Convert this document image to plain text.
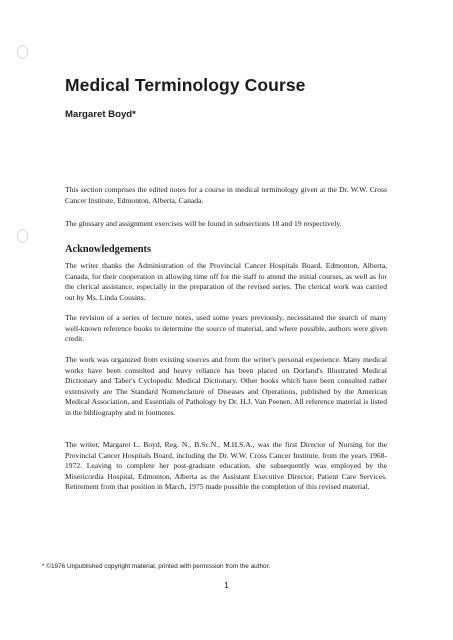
Medical Terminology Course
Margaret Boyd*

This section comprises the edited notes for a course in medical terminology given at the Dr. W.W. Cross Cancer Institute, Edmonton, Alberta, Canada.

The glossary and assignment exercises will be found in subsections 18 and 19 respectively.

Acknowledgements

The writer thanks the Administration of the Provincial Cancer Hospitals Board, Edmonton, Alberta, Canada, for their cooperation in allowing time off for the staff to attend the initial courses, as well as for the clerical assistance, especially in the preparation of the revised series. The clerical work was carried out by Ms. Linda Cousins.

The revision of a series of lecture notes, used some years previously, necessitated the search of many well-known reference books to determine the source of material, and where possible, authors were given credit.

The work was organized from existing sources and from the writer's personal experience. Many medical works have been consulted and heavy reliance has been placed on Dorland's Illustrated Medical Dictionary and Taber's Cyclopedic Medical Dictionary. Other books which have been consulted rather extensively are The Standard Nomenclature of Diseases and Operations, published by the American Medical Association, and Essentials of Pathology by Dr. H.J. Van Peenen. All reference material is listed in the bibliography and in footnotes.

The writer, Margaret L. Boyd, Reg. N., B.Sc.N., M.H.S.A., was the first Director of Nursing for the Provincial Cancer Hospitals Board, including the Dr. W.W. Cross Cancer Institute, from the years 1968-1972. Leaving to complete her post-graduate education, she subsequently was employed by the Misericordia Hospital, Edmonton, Alberta as the Assistant Executive Director, Patient Care Services. Retirement from that position in March, 1975 made possible the completion of this revised material.

* ©1976 Unpublished copyright material, printed with permission from the author.
1
